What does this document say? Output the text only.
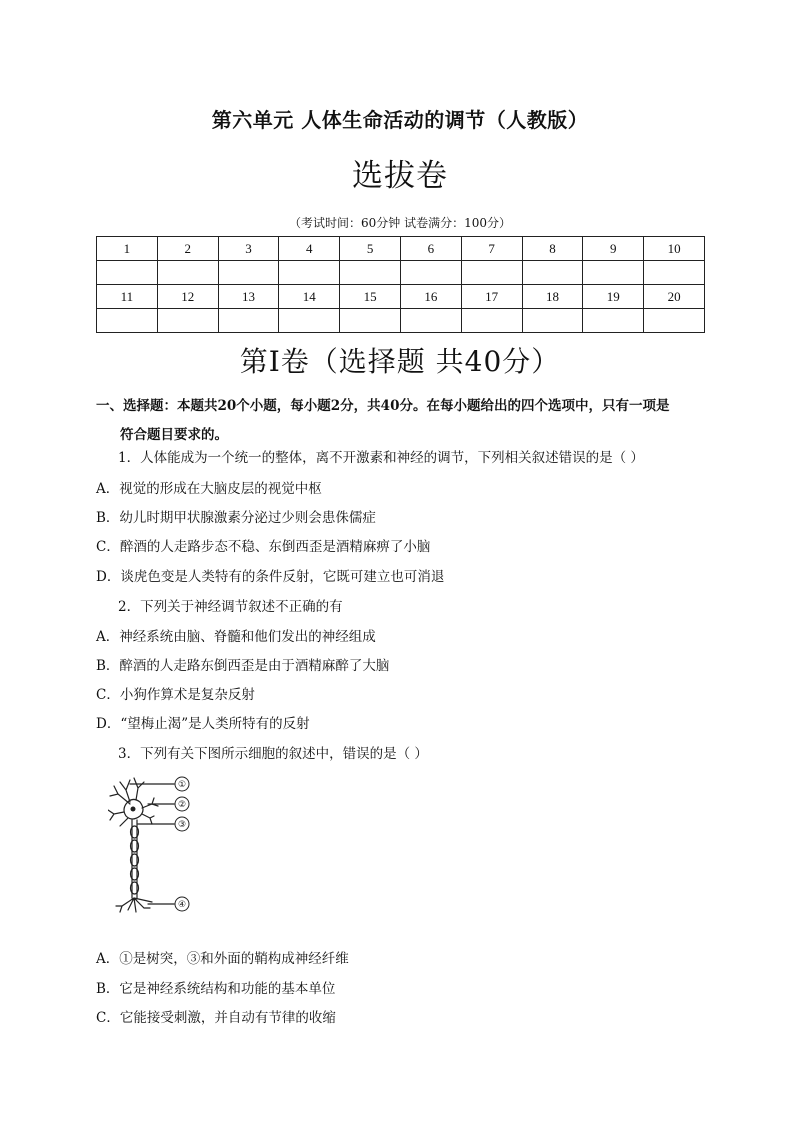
第六单元 人体生命活动的调节（人教版）
选拔卷
（考试时间：60分钟 试卷满分：100分）
1	2	3	4	5	6	7	8	9	10

11	12	13	14	15	16	17	18	19	20

第Ⅰ卷（选择题 共40分）
一、选择题：本题共20个小题，每小题2分，共40分。在每小题给出的四个选项中，只有一项是
符合题目要求的。
1．人体能成为一个统一的整体，离不开激素和神经的调节，下列相关叙述错误的是（ ）
A．视觉的形成在大脑皮层的视觉中枢
B．幼儿时期甲状腺激素分泌过少则会患侏儒症
C．醉酒的人走路步态不稳、东倒西歪是酒精麻痹了小脑
D．谈虎色变是人类特有的条件反射，它既可建立也可消退
2．下列关于神经调节叙述不正确的有
A．神经系统由脑、脊髓和他们发出的神经组成
B．醉酒的人走路东倒西歪是由于酒精麻醉了大脑
C．小狗作算术是复杂反射
D．“望梅止渴”是人类所特有的反射
3．下列有关下图所示细胞的叙述中，错误的是（ ）
①
②
③
④
A．①是树突，③和外面的鞘构成神经纤维
B．它是神经系统结构和功能的基本单位
C．它能接受刺激，并自动有节律的收缩
